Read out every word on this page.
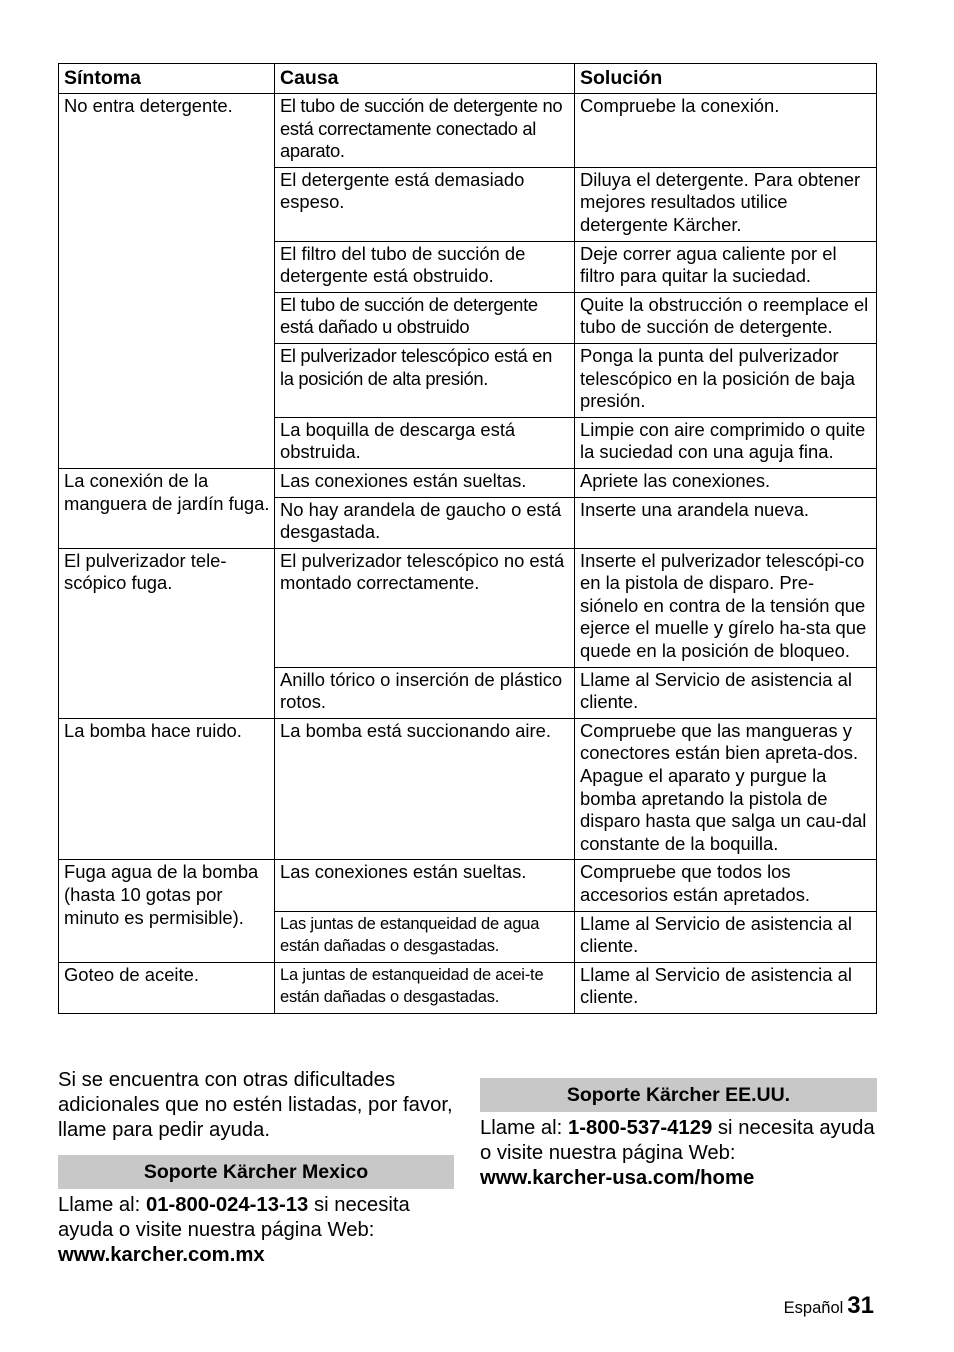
Síntoma	Causa	Solución
No entra detergente.	El tubo de succión de detergente no está correctamente conectado al aparato.	Compruebe la conexión.
	El detergente está demasiado espeso.	Diluya el detergente. Para obtener mejores resultados utilice detergente Kärcher.
	El filtro del tubo de succión de detergente está obstruido.	Deje correr agua caliente por el filtro para quitar la suciedad.
	El tubo de succión de detergente está dañado u obstruido	Quite la obstrucción o reemplace el tubo de succión de detergente.
	El pulverizador telescópico está en la posición de alta presión.	Ponga la punta del pulverizador telescópico en la posición de baja presión.
	La boquilla de descarga está obstruida.	Limpie con aire comprimido o quite la suciedad con una aguja fina.
La conexión de la manguera de jardín fuga.	Las conexiones están sueltas.	Apriete las conexiones.
	No hay arandela de gaucho o está desgastada.	Inserte una arandela nueva.
El pulverizador tele-scópico fuga.	El pulverizador telescópico no está montado correctamente.	Inserte el pulverizador telescópi-co en la pistola de disparo. Pre-siónelo en contra de la tensión que ejerce el muelle y gírelo ha-sta que quede en la posición de bloqueo.
	Anillo tórico o inserción de plástico rotos.	Llame al Servicio de asistencia al cliente.
La bomba hace ruido.	La bomba está succionando aire.	Compruebe que las mangueras y conectores están bien apreta-dos. Apague el aparato y purgue la bomba apretando la pistola de disparo hasta que salga un cau-dal constante de la boquilla.
Fuga agua de la bomba (hasta 10 gotas por minuto es permisible).	Las conexiones están sueltas.	Compruebe que todos los accesorios están apretados.
	Las juntas de estanqueidad de agua están dañadas o desgastadas.	Llame al Servicio de asistencia al cliente.
Goteo de aceite.	La juntas de estanqueidad de acei-te están dañadas o desgastadas.	Llame al Servicio de asistencia al cliente.

Si se encuentra con otras dificultades adicionales que no estén listadas, por favor, llame para pedir ayuda.

Soporte Kärcher Mexico

Llame al: 01-800-024-13-13 si necesita ayuda o visite nuestra página Web:
www.karcher.com.mx

Soporte Kärcher EE.UU.

Llame al: 1-800-537-4129 si necesita ayuda o visite nuestra página Web:
www.karcher-usa.com/home

Español 31
